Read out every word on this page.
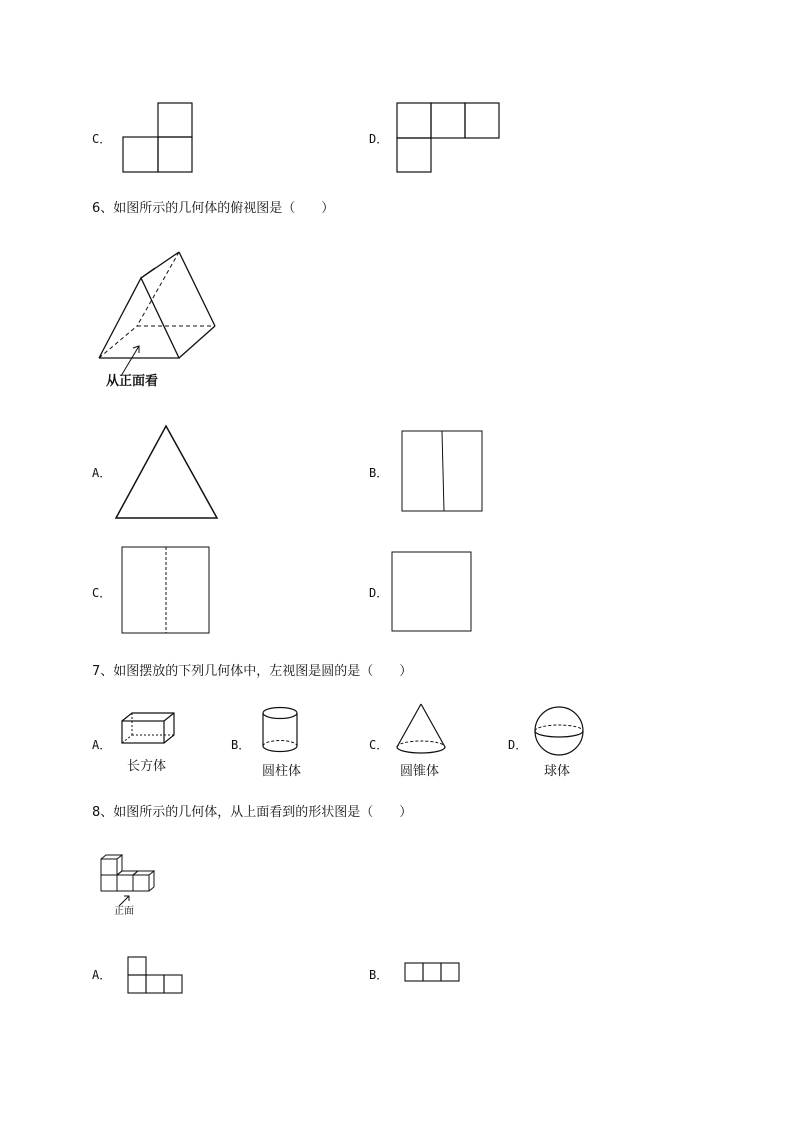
C．	D．
6、如图所示的几何体的俯视图是（　　）
从正面看
A．	B．
C．	D．
7、如图摆放的下列几何体中，左视图是圆的是（　　）
A．
长方体
B．
圆柱体
C．
圆锥体
D．
球体
8、如图所示的几何体，从上面看到的形状图是（　　）
正面
A．	B．
